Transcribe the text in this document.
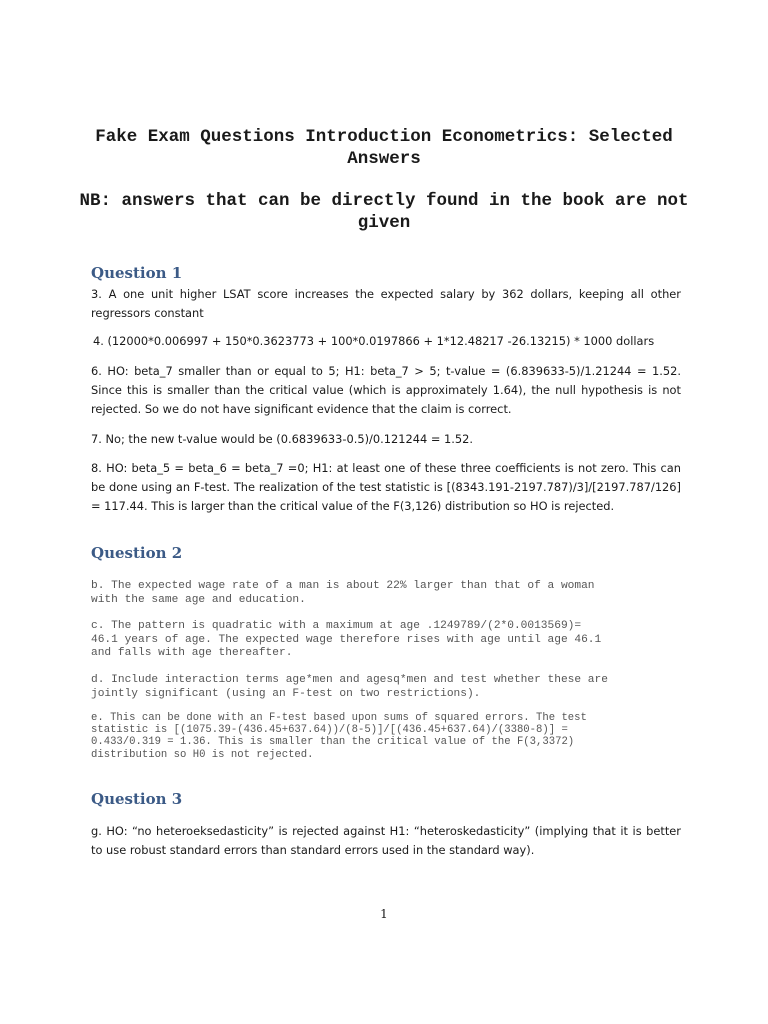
Fake Exam Questions Introduction Econometrics: Selected Answers

NB: answers that can be directly found in the book are not given

Question 1

3. A one unit higher LSAT score increases the expected salary by 362 dollars, keeping all other regressors constant

4. (12000*0.006997 + 150*0.3623773 + 100*0.0197866 + 1*12.48217 -26.13215) * 1000 dollars

6. HO: beta_7 smaller than or equal to 5; H1: beta_7 > 5; t-value = (6.839633-5)/1.21244 = 1.52. Since this is smaller than the critical value (which is approximately 1.64), the null hypothesis is not rejected. So we do not have significant evidence that the claim is correct.

7. No; the new t-value would be (0.6839633-0.5)/0.121244 = 1.52.

8. HO: beta_5 = beta_6 = beta_7 =0; H1: at least one of these three coefficients is not zero. This can be done using an F-test. The realization of the test statistic is [(8343.191-2197.787)/3]/[2197.787/126] = 117.44. This is larger than the critical value of the F(3,126) distribution so HO is rejected.

Question 2

b. The expected wage rate of a man is about 22% larger than that of a woman
with the same age and education.

c. The pattern is quadratic with a maximum at age .1249789/(2*0.0013569)=
46.1 years of age. The expected wage therefore rises with age until age 46.1
and falls with age thereafter.

d. Include interaction terms age*men and agesq*men and test whether these are
jointly significant (using an F-test on two restrictions).

e. This can be done with an F-test based upon sums of squared errors. The test
statistic is [(1075.39-(436.45+637.64))/(8-5)]/[(436.45+637.64)/(3380-8)] =
0.433/0.319 = 1.36. This is smaller than the critical value of the F(3,3372)
distribution so H0 is not rejected.

Question 3

g. HO: “no heteroeksedasticity” is rejected against H1: “heteroskedasticity” (implying that it is better to use robust standard errors than standard errors used in the standard way).

1
